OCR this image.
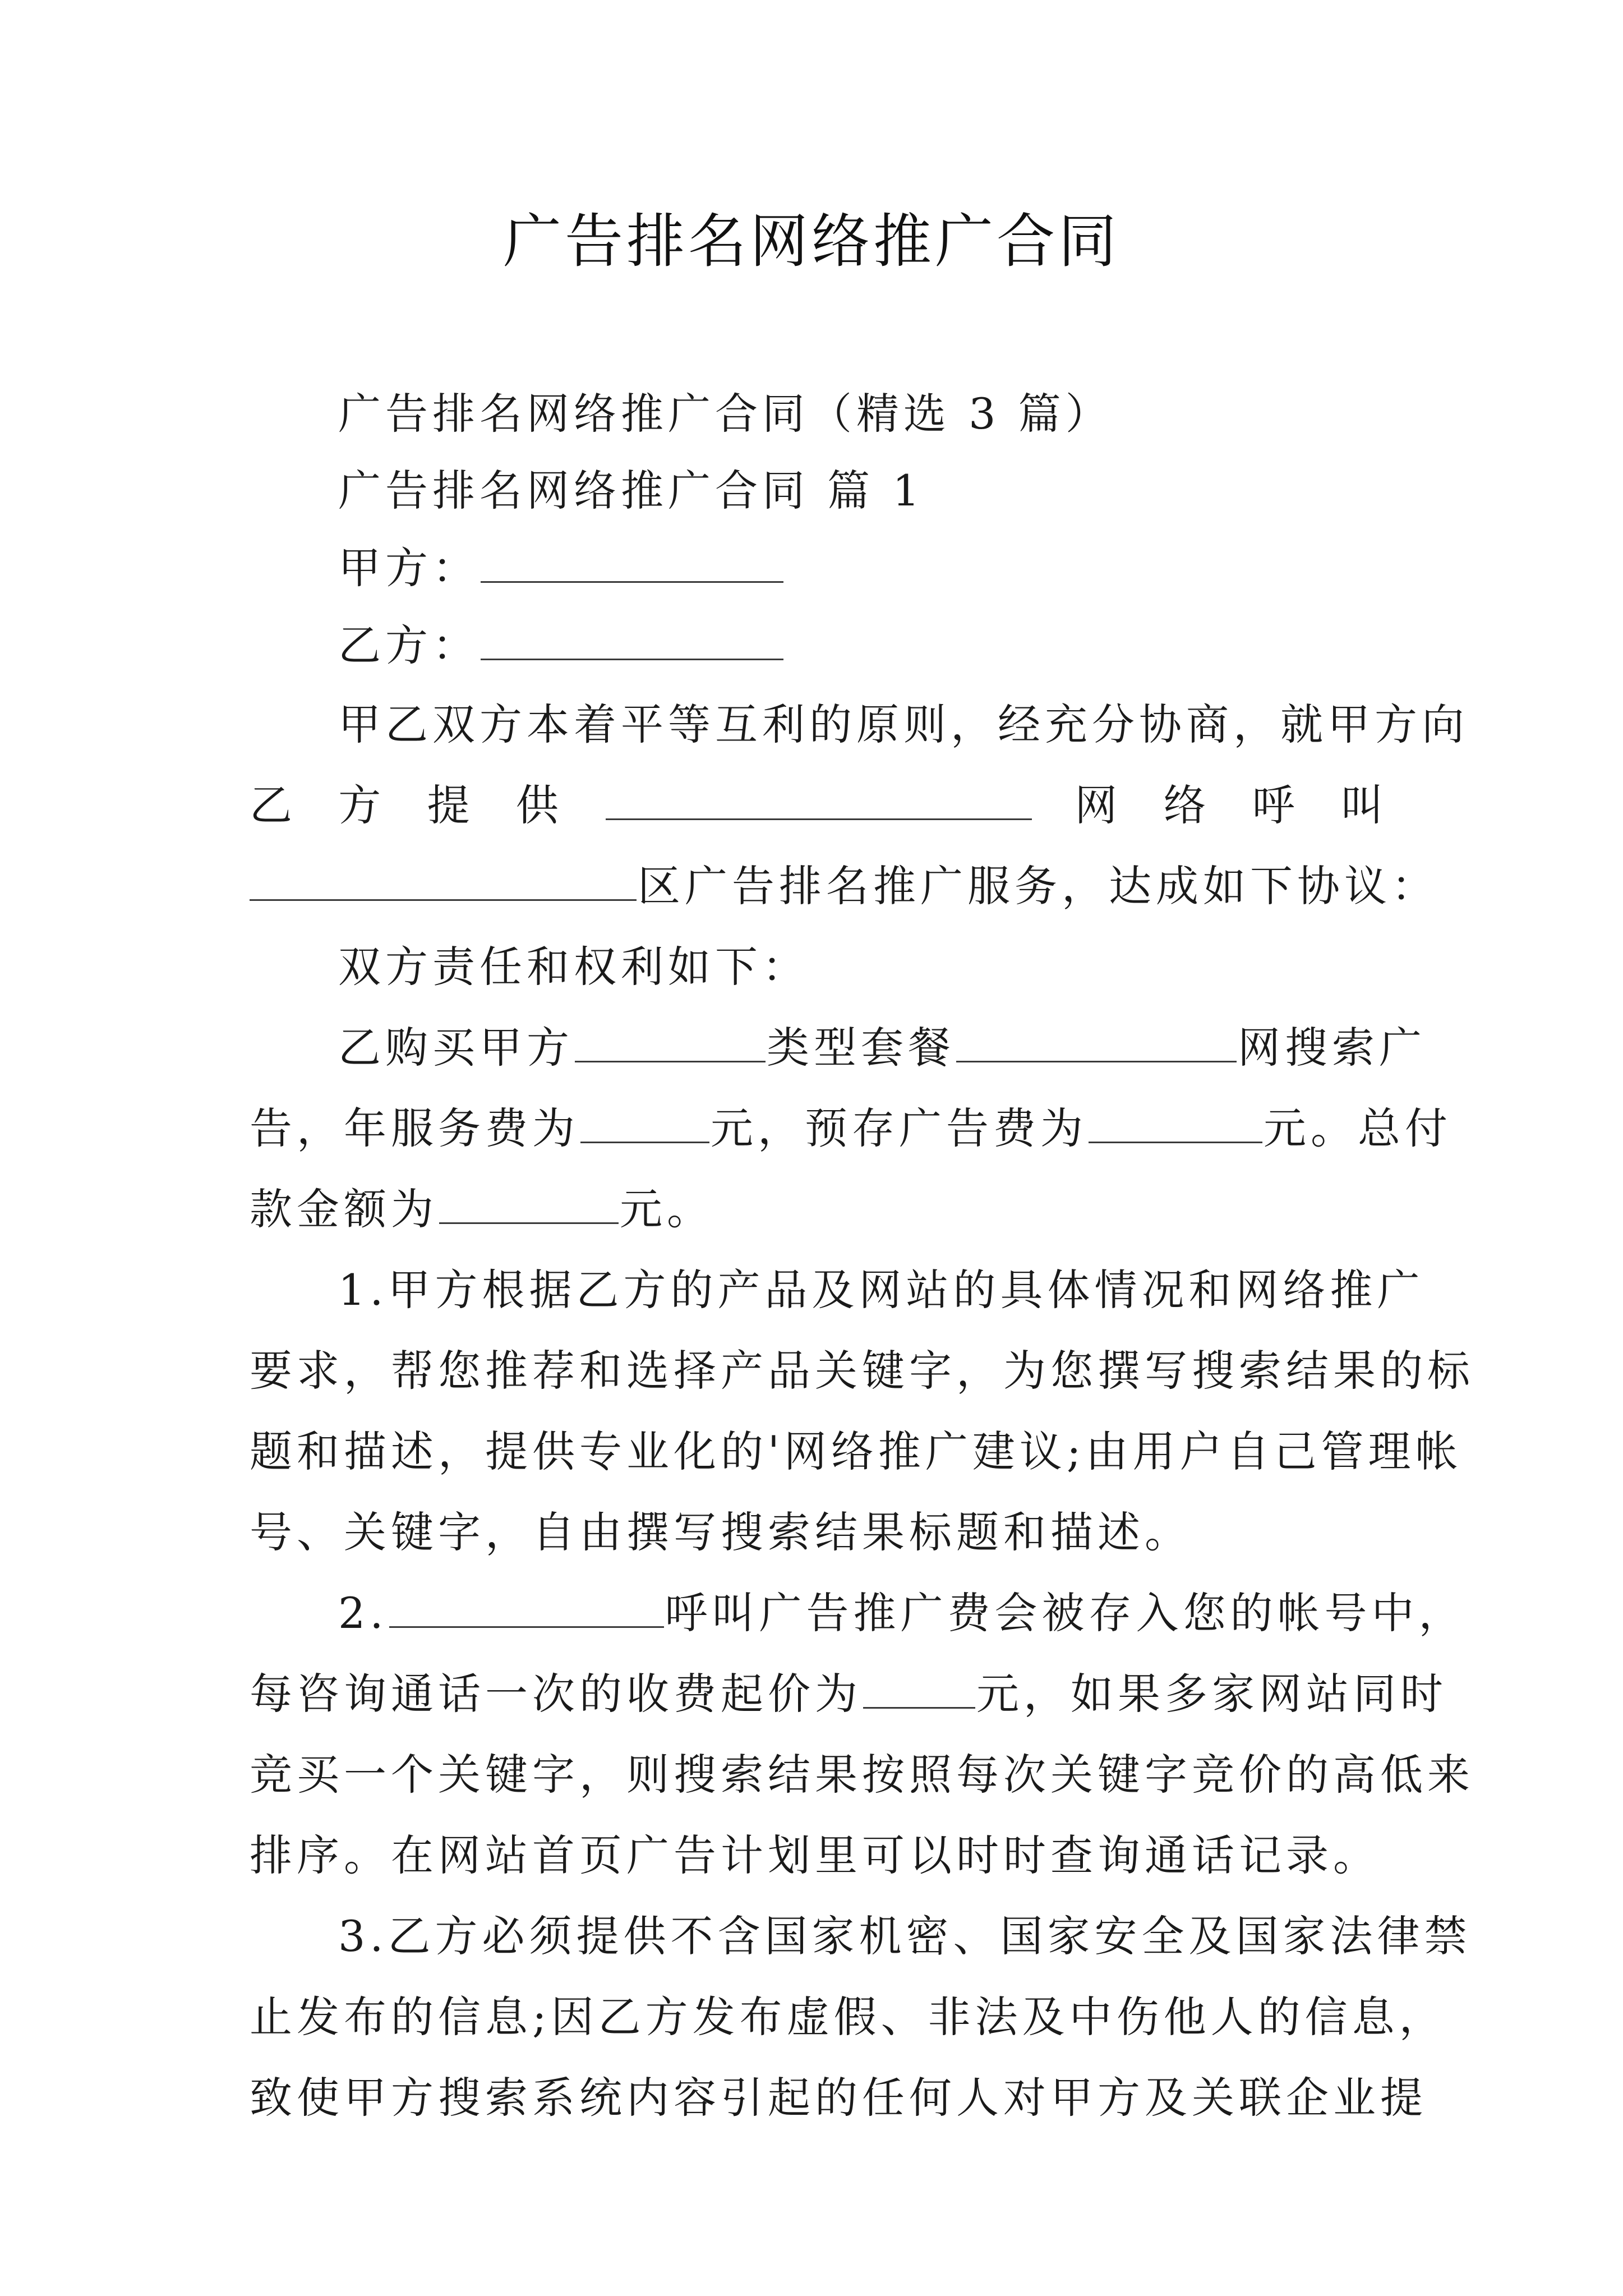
广告排名网络推广合同
广告排名网络推广合同（精选 3 篇）
广告排名网络推广合同 篇 1
甲方：
乙方：
甲乙双方本着平等互利的原则，经充分协商，就甲方向
乙 方 提 供	网 络 呼 叫
区广告排名推广服务，达成如下协议：
双方责任和权利如下：
乙购买甲方	类型套餐	网搜索广
告，年服务费为	元，预存广告费为	元。总付
款金额为	元。
1.甲方根据乙方的产品及网站的具体情况和网络推广
要求，帮您推荐和选择产品关键字，为您撰写搜索结果的标
题和描述，提供专业化的'网络推广建议;由用户自己管理帐
号、关键字，自由撰写搜索结果标题和描述。
2.	呼叫广告推广费会被存入您的帐号中，
每咨询通话一次的收费起价为	元，如果多家网站同时
竞买一个关键字，则搜索结果按照每次关键字竞价的高低来
排序。在网站首页广告计划里可以时时查询通话记录。
3.乙方必须提供不含国家机密、国家安全及国家法律禁
止发布的信息;因乙方发布虚假、非法及中伤他人的信息，
致使甲方搜索系统内容引起的任何人对甲方及关联企业提
